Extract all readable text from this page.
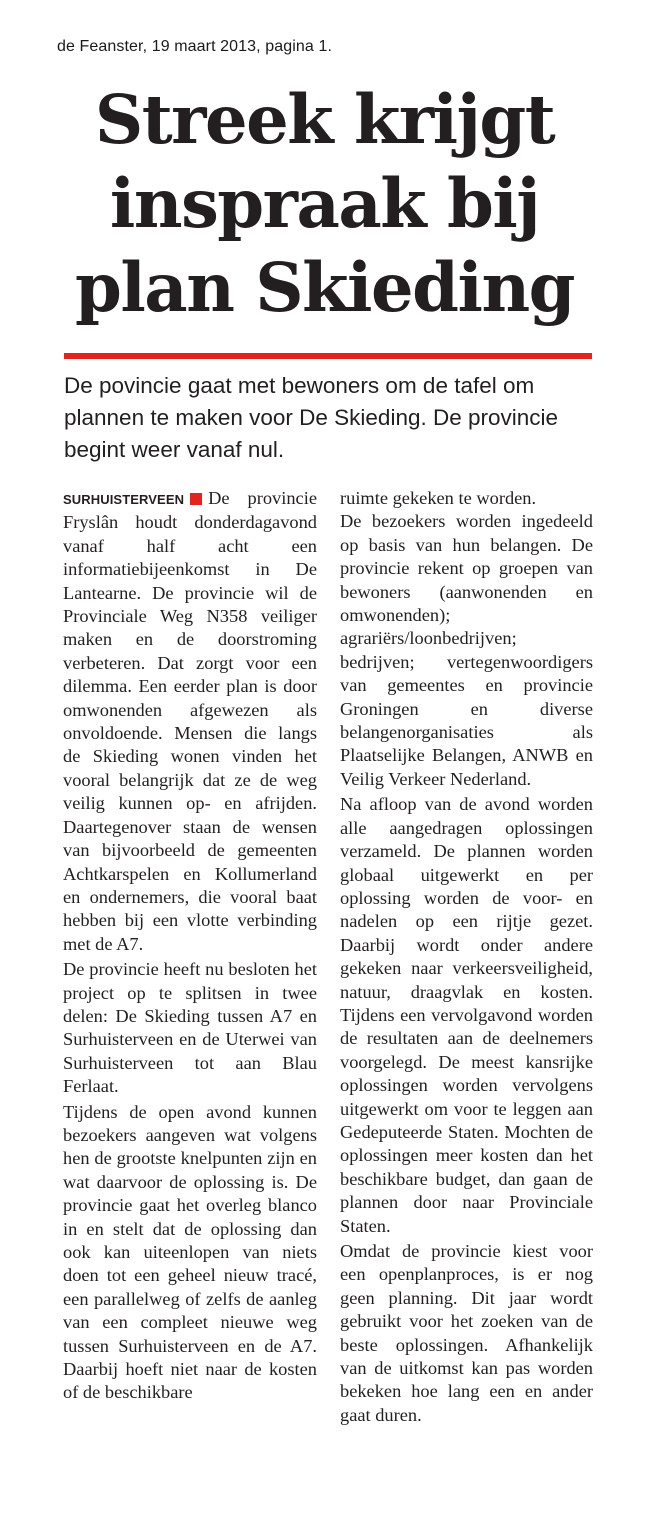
de Feanster, 19 maart 2013, pagina 1.
Streek krijgt inspraak bij plan Skieding

De povincie gaat met bewoners om de tafel om plannen te maken voor De Skieding. De provincie begint weer vanaf nul.

SURHUISTERVEEN De provincie Fryslân houdt donderdagavond vanaf half acht een informatiebijeenkomst in De Lantearne. De provincie wil de Provinciale Weg N358 veiliger maken en de doorstroming verbeteren. Dat zorgt voor een dilemma. Een eerder plan is door omwonenden afgewezen als onvoldoende. Mensen die langs de Skieding wonen vinden het vooral belangrijk dat ze de weg veilig kunnen op- en afrijden. Daartegenover staan de wensen van bijvoorbeeld de gemeenten Achtkarspelen en Kollumerland en ondernemers, die vooral baat hebben bij een vlotte verbinding met de A7.

De provincie heeft nu besloten het project op te splitsen in twee delen: De Skieding tussen A7 en Surhuisterveen en de Uterwei van Surhuisterveen tot aan Blau Ferlaat.

Tijdens de open avond kunnen bezoekers aangeven wat volgens hen de grootste knelpunten zijn en wat daarvoor de oplossing is. De provincie gaat het overleg blanco in en stelt dat de oplossing dan ook kan uiteenlopen van niets doen tot een geheel nieuw tracé, een parallelweg of zelfs de aanleg van een compleet nieuwe weg tussen Surhuisterveen en de A7. Daarbij hoeft niet naar de kosten of de beschikbare

ruimte gekeken te worden.

De bezoekers worden ingedeeld op basis van hun belangen. De provincie rekent op groepen van bewoners (aanwonenden en omwonenden); agrariërs/loonbedrijven; bedrijven; vertegenwoordigers van gemeentes en provincie Groningen en diverse belangenorganisaties als Plaatselijke Belangen, ANWB en Veilig Verkeer Nederland.

Na afloop van de avond worden alle aangedragen oplossingen verzameld. De plannen worden globaal uitgewerkt en per oplossing worden de voor- en nadelen op een rijtje gezet. Daarbij wordt onder andere gekeken naar verkeersveiligheid, natuur, draagvlak en kosten. Tijdens een vervolgavond worden de resultaten aan de deelnemers voorgelegd. De meest kansrijke oplossingen worden vervolgens uitgewerkt om voor te leggen aan Gedeputeerde Staten. Mochten de oplossingen meer kosten dan het beschikbare budget, dan gaan de plannen door naar Provinciale Staten.

Omdat de provincie kiest voor een openplanproces, is er nog geen planning. Dit jaar wordt gebruikt voor het zoeken van de beste oplossingen. Afhankelijk van de uitkomst kan pas worden bekeken hoe lang een en ander gaat duren.
